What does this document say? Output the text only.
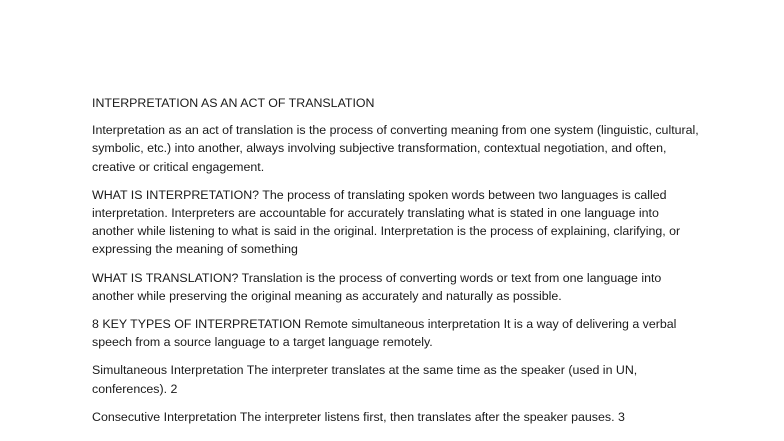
INTERPRETATION AS AN ACT OF TRANSLATION

Interpretation as an act of translation is the process of converting meaning from one system (linguistic, cultural, symbolic, etc.) into another, always involving subjective transformation, contextual negotiation, and often, creative or critical engagement.

WHAT IS INTERPRETATION? The process of translating spoken words between two languages is called interpretation. Interpreters are accountable for accurately translating what is stated in one language into another while listening to what is said in the original. Interpretation is the process of explaining, clarifying, or expressing the meaning of something

WHAT IS TRANSLATION? Translation is the process of converting words or text from one language into another while preserving the original meaning as accurately and naturally as possible.

8 KEY TYPES OF INTERPRETATION Remote simultaneous interpretation It is a way of delivering a verbal speech from a source language to a target language remotely.

Simultaneous Interpretation The interpreter translates at the same time as the speaker (used in UN, conferences). 2

Consecutive Interpretation The interpreter listens first, then translates after the speaker pauses. 3
